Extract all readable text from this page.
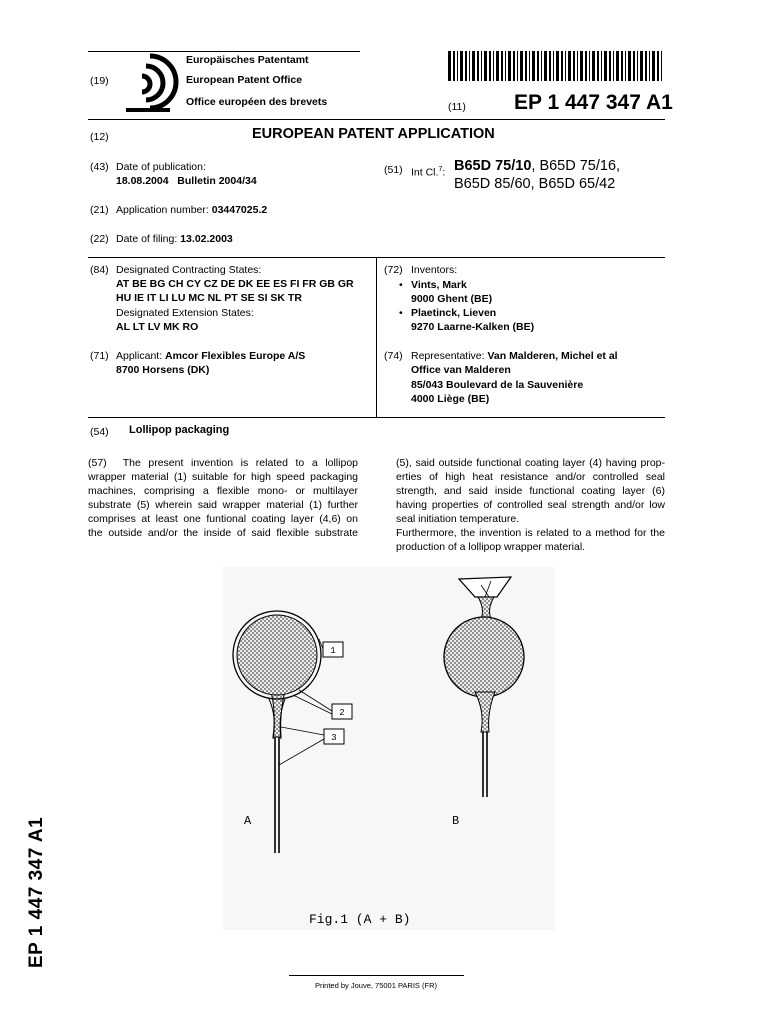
(19)
Europäisches Patentamt
European Patent Office
Office européen des brevets	(11) EP 1 447 347 A1
(12)	EUROPEAN PATENT APPLICATION
(43) Date of publication:
18.08.2004   Bulletin 2004/34
(51) Int Cl.$^7$: B65D 75/10, B65D 75/16,
B65D 85/60, B65D 65/42
(21) Application number: 03447025.2
(22) Date of filing: 13.02.2003
(84) Designated Contracting States:
AT BE BG CH CY CZ DE DK EE ES FI FR GB GR
HU IE IT LI LU MC NL PT SE SI SK TR
Designated Extension States:
AL LT LV MK RO
(72) Inventors:
• Vints, Mark
9000 Ghent (BE)
• Plaetinck, Lieven
9270 Laarne-Kalken (BE)
(71) Applicant: Amcor Flexibles Europe A/S
8700 Horsens (DK)
(74) Representative: Van Malderen, Michel et al
Office van Malderen
85/043 Boulevard de la Sauvenière
4000 Liège (BE)
(54) Lollipop packaging
(57) The present invention is related to a lollipop
wrapper material (1) suitable for high speed packaging
machines, comprising a flexible mono- or multilayer
substrate (5) wherein said wrapper material (1) further
comprises at least one funtional coating layer (4,6) on
the outside and/or the inside of said flexible substrate
(5), said outside functional coating layer (4) having prop-
erties of high heat resistance and/or controlled seal
strength, and said inside functional coating layer (6)
having properties of controlled seal strength and/or low
seal initiation temperature.
Furthermore, the invention is related to a method for the
production of a lollipop wrapper material.
1
2
3
A	B
Fig.1 (A + B)
Printed by Jouve, 75001 PARIS (FR)
EP 1 447 347 A1
